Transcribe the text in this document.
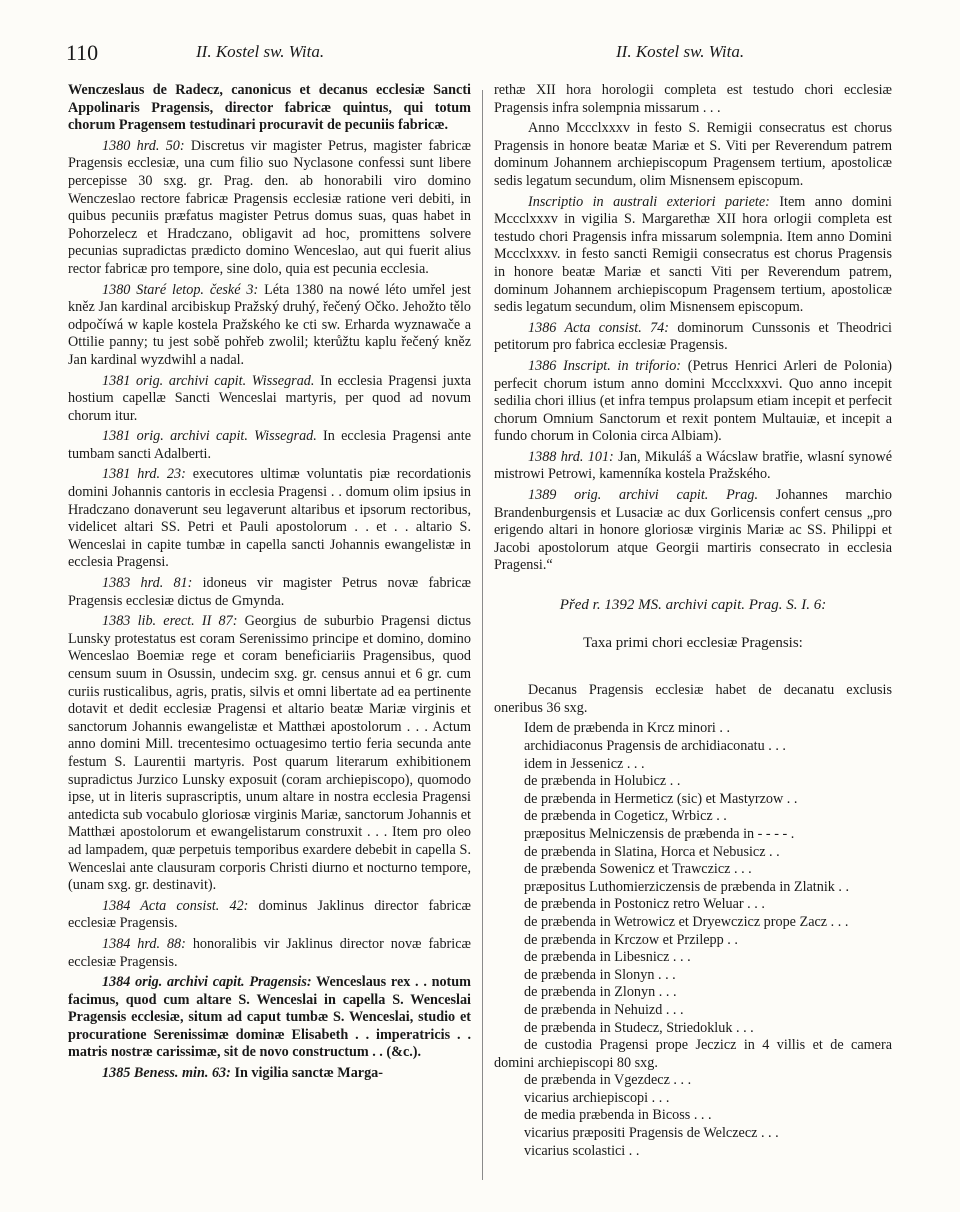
110	II. Kostel sw. Wita.	II. Kostel sw. Wita.

Wenczeslaus de Radecz, canonicus et decanus ecclesiæ Sancti Appolinaris Pragensis, director fabricæ quintus, qui totum chorum Pragensem testudinari procuravit de pecuniis fabricæ.

1380 hrd. 50: Discretus vir magister Petrus, magister fabricæ Pragensis ecclesiæ, una cum filio suo Nyclasone confessi sunt libere percepisse 30 sxg. gr. Prag. den. ab honorabili viro domino Wenczeslao rectore fabricæ Pragensis ecclesiæ ratione veri debiti, in quibus pecuniis præfatus magister Petrus domus suas, quas habet in Pohorzelecz et Hradczano, obligavit ad hoc, promittens solvere pecunias supradictas prædicto domino Wenceslao, aut qui fuerit alius rector fabricæ pro tempore, sine dolo, quia est pecunia ecclesia.

1380 Staré letop. české 3: Léta 1380 na nowé léto umřel jest kněz Jan kardinal arcibiskup Pražský druhý, řečený Očko. Jehožto tělo odpočíwá w kaple kostela Pražského ke cti sw. Erharda wyznawače a Ottilie panny; tu jest sobě pohřeb zwolil; kterůžtu kaplu řečený kněz Jan kardinal wyzdwihl a nadal.

1381 orig. archivi capit. Wissegrad. In ecclesia Pragensi juxta hostium capellæ Sancti Wenceslai martyris, per quod ad novum chorum itur.

1381 orig. archivi capit. Wissegrad. In ecclesia Pragensi ante tumbam sancti Adalberti.

1381 hrd. 23: executores ultimæ voluntatis piæ recordationis domini Johannis cantoris in ecclesia Pragensi . . domum olim ipsius in Hradczano donaverunt seu legaverunt altaribus et ipsorum rectoribus, videlicet altari SS. Petri et Pauli apostolorum . . et . . altario S. Wenceslai in capite tumbæ in capella sancti Johannis ewangelistæ in ecclesia Pragensi.

1383 hrd. 81: idoneus vir magister Petrus novæ fabricæ Pragensis ecclesiæ dictus de Gmynda.

1383 lib. erect. II 87: Georgius de suburbio Pragensi dictus Lunsky protestatus est coram Serenissimo principe et domino, domino Wenceslao Boemiæ rege et coram beneficiariis Pragensibus, quod censum suum in Osussin, undecim sxg. gr. census annui et 6 gr. cum curiis rusticalibus, agris, pratis, silvis et omni libertate ad ea pertinente dotavit et dedit ecclesiæ Pragensi et altario beatæ Mariæ virginis et sanctorum Johannis ewangelistæ et Matthæi apostolorum . . . Actum anno domini Mill. trecentesimo octuagesimo tertio feria secunda ante festum S. Laurentii martyris. Post quarum literarum exhibitionem supradictus Jurzico Lunsky exposuit (coram archiepiscopo), quomodo ipse, ut in literis suprascriptis, unum altare in nostra ecclesia Pragensi antedicta sub vocabulo gloriosæ virginis Mariæ, sanctorum Johannis et Matthæi apostolorum et ewangelistarum construxit . . . Item pro oleo ad lampadem, quæ perpetuis temporibus exardere debebit in capella S. Wenceslai ante clausuram corporis Christi diurno et nocturno tempore, (unam sxg. gr. destinavit).

1384 Acta consist. 42: dominus Jaklinus director fabricæ ecclesiæ Pragensis.

1384 hrd. 88: honoralibis vir Jaklinus director novæ fabricæ ecclesiæ Pragensis.

1384 orig. archivi capit. Pragensis: Wenceslaus rex . . notum facimus, quod cum altare S. Wenceslai in capella S. Wenceslai Pragensis ecclesiæ, situm ad caput tumbæ S. Wenceslai, studio et procuratione Serenissimæ dominæ Elisabeth . . imperatricis . . matris nostræ carissimæ, sit de novo constructum . . (&c.).

1385 Beness. min. 63: In vigilia sanctæ Marga-

rethæ XII hora horologii completa est testudo chori ecclesiæ Pragensis infra solempnia missarum . . .

Anno Mccclxxxv in festo S. Remigii consecratus est chorus Pragensis in honore beatæ Mariæ et S. Viti per Reverendum patrem dominum Johannem archiepiscopum Pragensem tertium, apostolicæ sedis legatum secundum, olim Misnensem episcopum.

Inscriptio in australi exteriori pariete: Item anno domini Mccclxxxv in vigilia S. Margarethæ XII hora orlogii completa est testudo chori Pragensis infra missarum solempnia. Item anno Domini Mccclxxxv. in festo sancti Remigii consecratus est chorus Pragensis in honore beatæ Mariæ et sancti Viti per Reverendum patrem, dominum Johannem archiepiscopum Pragensem tertium, apostolicæ sedis legatum secundum, olim Misnensem episcopum.

1386 Acta consist. 74: dominorum Cunssonis et Theodrici petitorum pro fabrica ecclesiæ Pragensis.

1386 Inscript. in triforio: (Petrus Henrici Arleri de Polonia) perfecit chorum istum anno domini Mccclxxxvi. Quo anno incepit sedilia chori illius (et infra tempus prolapsum etiam incepit et perfecit chorum Omnium Sanctorum et rexit pontem Multauiæ, et incepit a fundo chorum in Colonia circa Albiam).

1388 hrd. 101: Jan, Mikuláš a Wácslaw bratřie, wlasní synowé mistrowi Petrowi, kamenníka kostela Pražského.

1389 orig. archivi capit. Prag. Johannes marchio Brandenburgensis et Lusaciæ ac dux Gorlicensis confert census „pro erigendo altari in honore gloriosæ virginis Mariæ ac SS. Philippi et Jacobi apostolorum atque Georgii martiris consecrato in ecclesia Pragensi.“

Před r. 1392 MS. archivi capit. Prag. S. I. 6:

Taxa primi chori ecclesiæ Pragensis:

Decanus Pragensis ecclesiæ habet de decanatu exclusis oneribus 36 sxg.

Idem de præbenda in Krcz minori . .
archidiaconus Pragensis de archidiaconatu . . .
idem in Jessenicz . . .
de præbenda in Holubicz . .
de præbenda in Hermeticz (sic) et Mastyrzow . .
de præbenda in Cogeticz, Wrbicz . .
præpositus Melniczensis de præbenda in - - - - .
de præbenda in Slatina, Horca et Nebusicz . .
de præbenda Sowenicz et Trawczicz . . .
præpositus Luthomierziczensis de præbenda in Zlatnik . .
de præbenda in Postonicz retro Weluar . . .
de præbenda in Wetrowicz et Dryewczicz prope Zacz . . .
de præbenda in Krczow et Przilepp . .
de præbenda in Libesnicz . . .
de præbenda in Slonyn . . .
de præbenda in Zlonyn . . .
de præbenda in Nehuizd . . .
de præbenda in Studecz, Striedokluk . . .
de custodia Pragensi prope Jeczicz in 4 villis et de camera domini archiepiscopi 80 sxg.
de præbenda in Vgezdecz . . .
vicarius archiepiscopi . . .
de media præbenda in Bicoss . . .
vicarius præpositi Pragensis de Welczecz . . .
vicarius scolastici . .
